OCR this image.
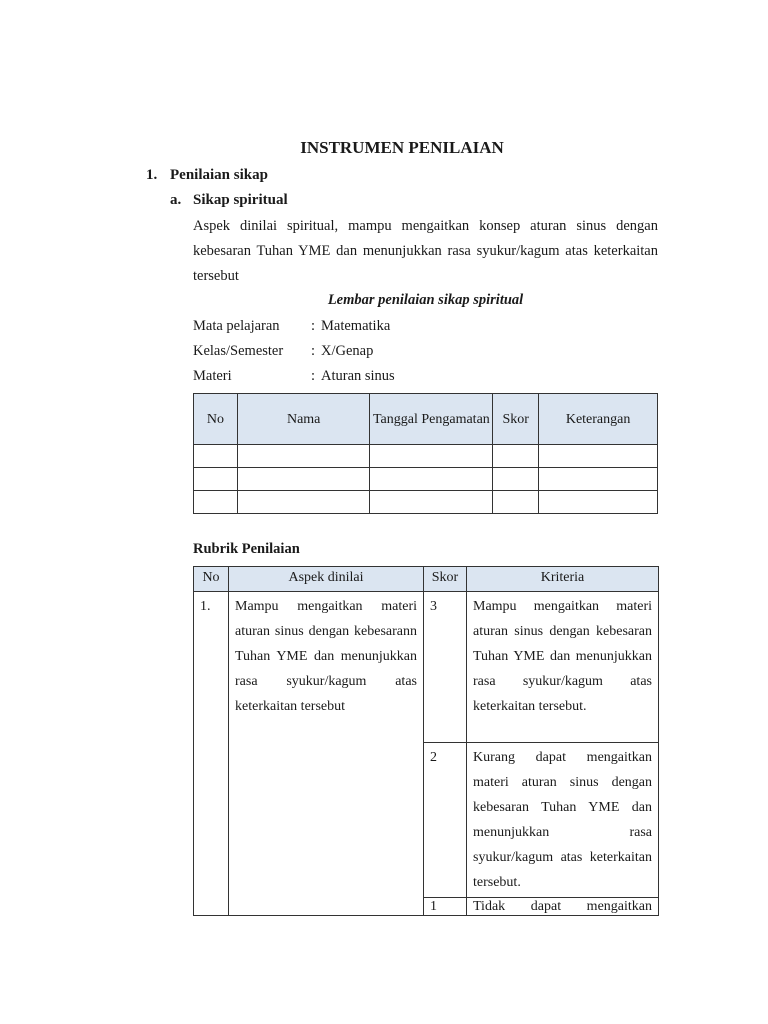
INSTRUMEN PENILAIAN
1. Penilaian sikap
a. Sikap spiritual
Aspek dinilai spiritual, mampu mengaitkan konsep aturan sinus dengan kebesaran Tuhan YME dan menunjukkan rasa syukur/kagum atas keterkaitan tersebut
Lembar penilaian sikap spiritual
Mata pelajaran : Matematika
Kelas/Semester : X/Genap
Materi	: Aturan sinus
No	Nama	Tanggal Pengamatan	Skor	Keterangan

Rubrik Penilaian
No	Aspek dinilai	Skor	Kriteria
1.	Mampu mengaitkan materi aturan sinus dengan kebesarann Tuhan YME dan menunjukkan rasa syukur/kagum atas keterkaitan tersebut	3	Mampu mengaitkan materi aturan sinus dengan kebesaran Tuhan YME dan menunjukkan rasa syukur/kagum atas keterkaitan tersebut.
		2	Kurang dapat mengaitkan materi aturan sinus dengan kebesaran Tuhan YME dan menunjukkan rasa syukur/kagum atas keterkaitan tersebut.
		1	Tidak dapat mengaitkan
